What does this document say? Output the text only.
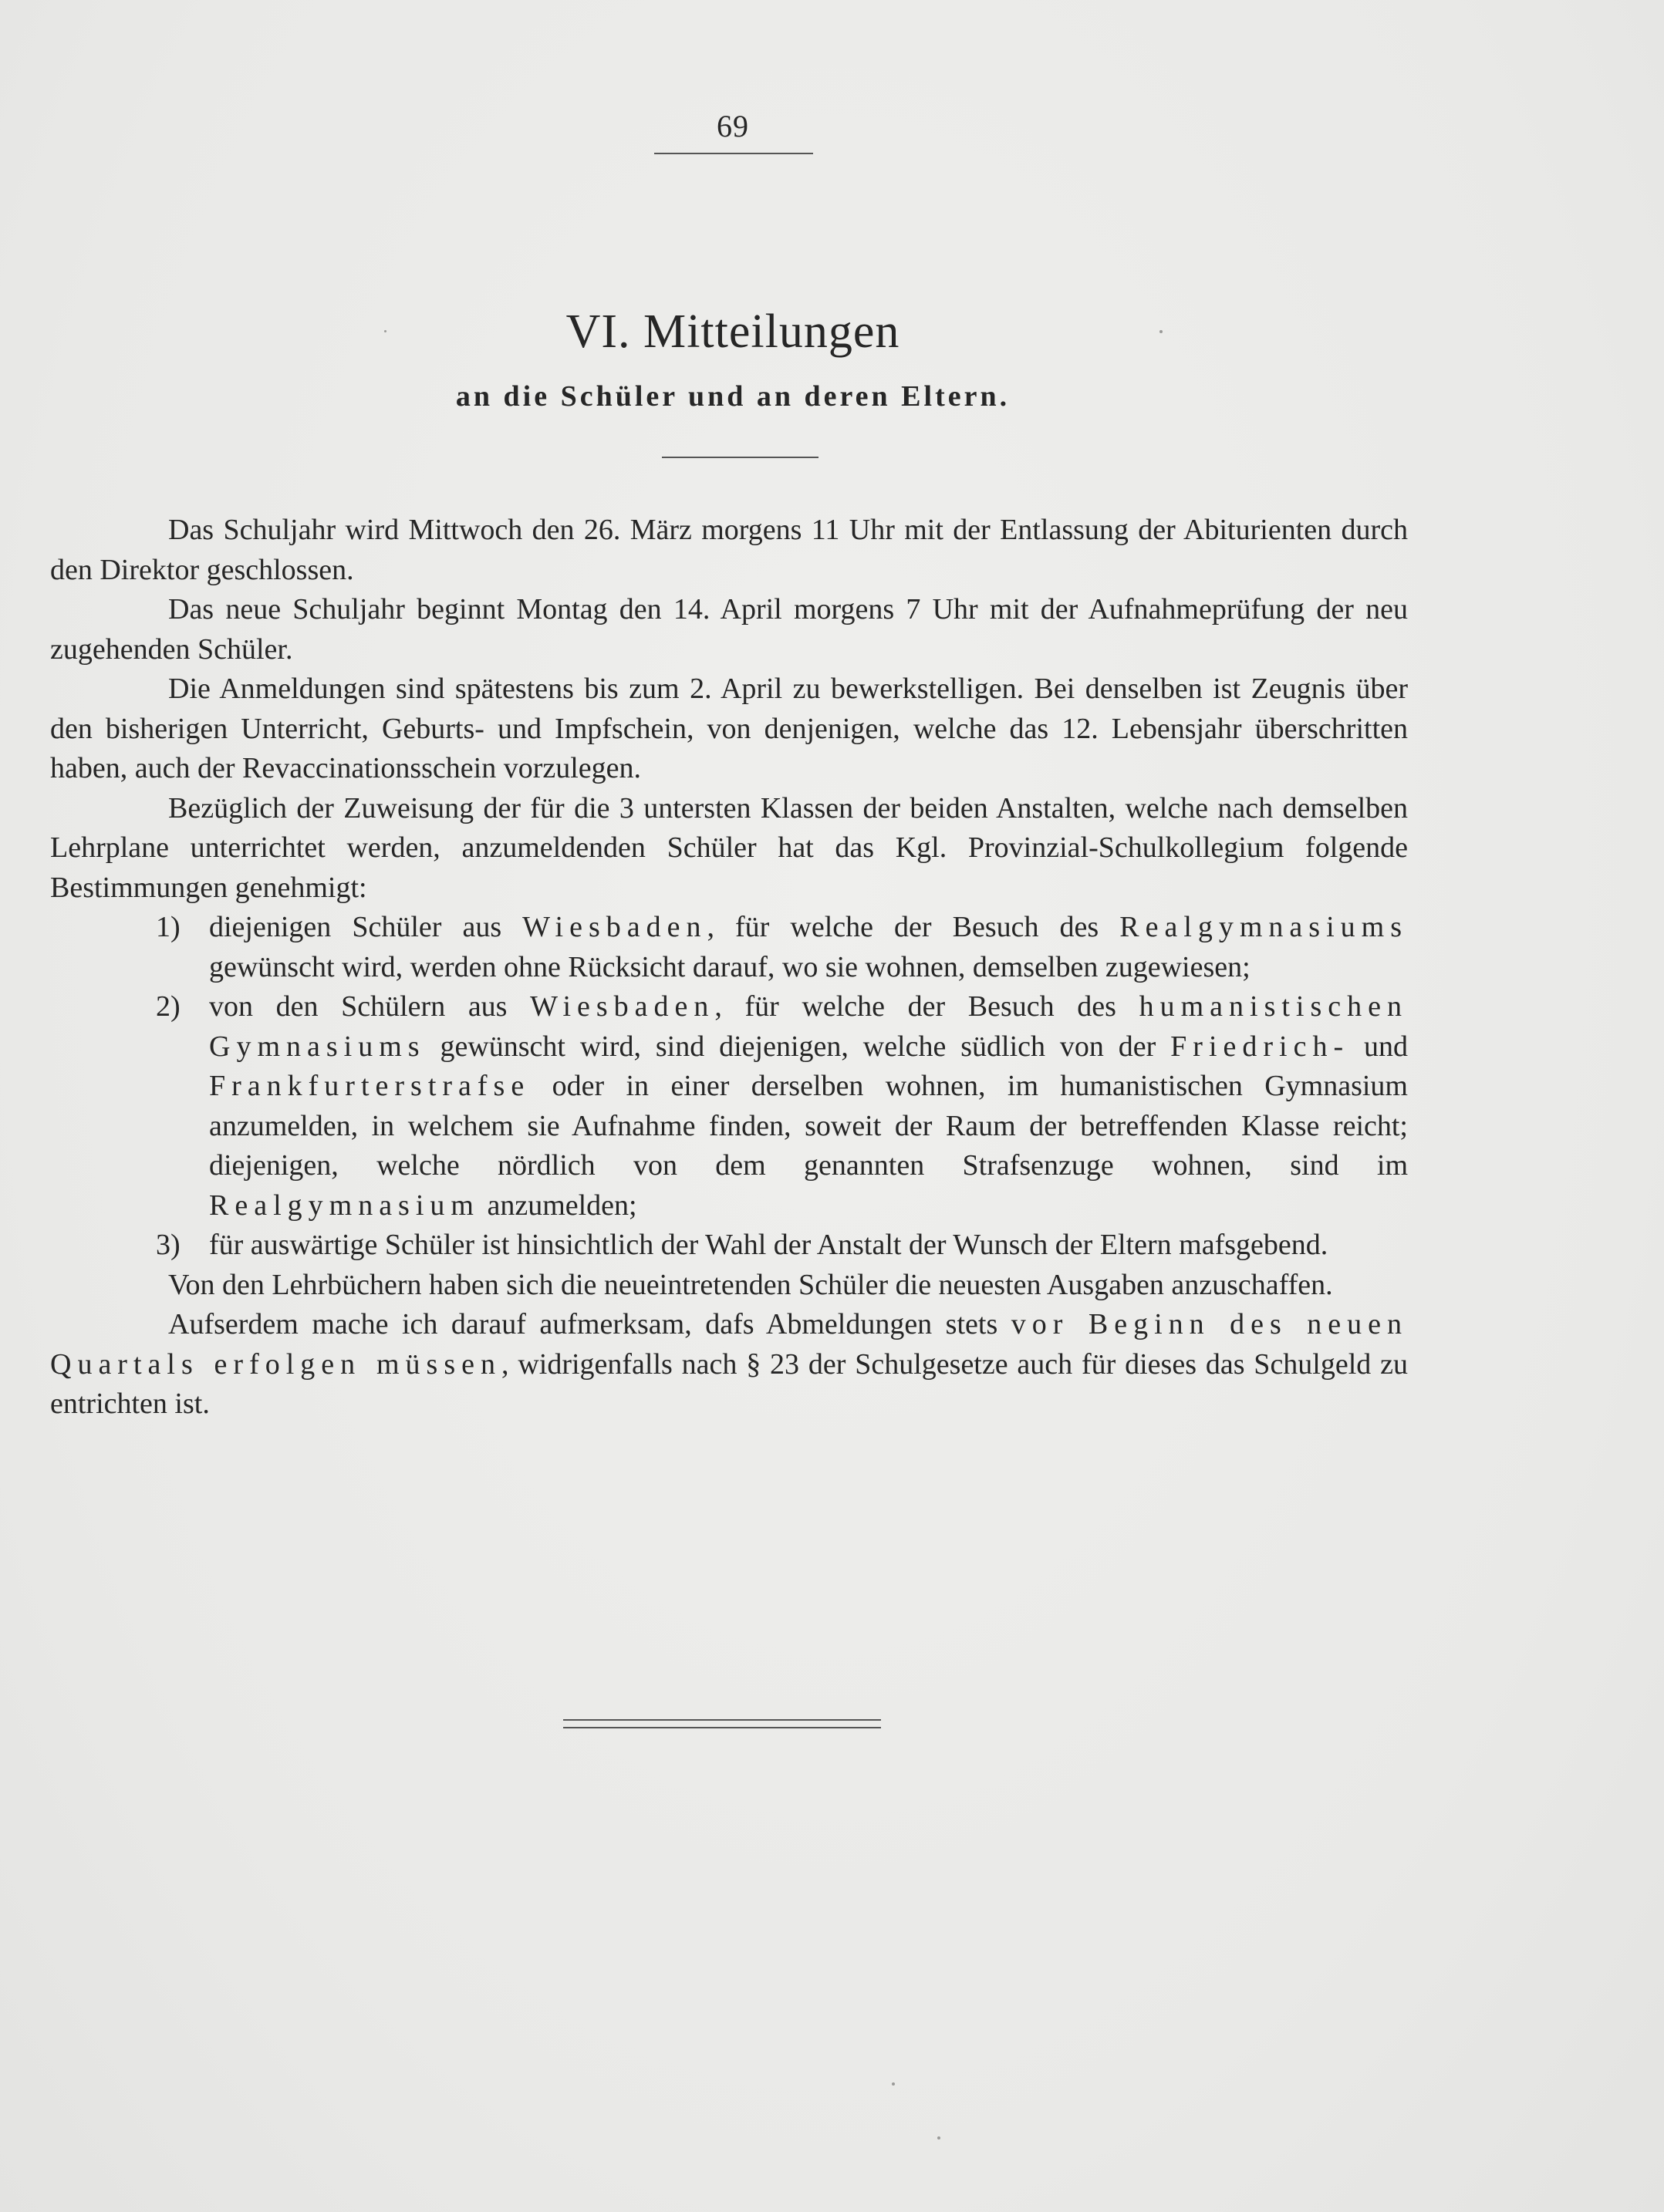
69
VI. Mitteilungen
an die Schüler und an deren Eltern.

Das Schuljahr wird Mittwoch den 26. März morgens 11 Uhr mit der Entlassung der Abiturienten durch den Direktor geschlossen.

Das neue Schuljahr beginnt Montag den 14. April morgens 7 Uhr mit der Aufnahmeprüfung der neu zugehenden Schüler.

Die Anmeldungen sind spätestens bis zum 2. April zu bewerkstelligen. Bei denselben ist Zeugnis über den bisherigen Unterricht, Geburts- und Impfschein, von denjenigen, welche das 12. Lebensjahr überschritten haben, auch der Revaccinationsschein vorzulegen.

Bezüglich der Zuweisung der für die 3 untersten Klassen der beiden Anstalten, welche nach demselben Lehrplane unterrichtet werden, anzumeldenden Schüler hat das Kgl. Provinzial-Schulkollegium folgende Bestimmungen genehmigt:

1) diejenigen Schüler aus Wiesbaden, für welche der Besuch des Realgymnasiums gewünscht wird, werden ohne Rücksicht darauf, wo sie wohnen, demselben zugewiesen;
2) von den Schülern aus Wiesbaden, für welche der Besuch des humanistischen Gymnasiums gewünscht wird, sind diejenigen, welche südlich von der Friedrich- und Frankfurterstrafse oder in einer derselben wohnen, im humanistischen Gymnasium anzumelden, in welchem sie Aufnahme finden, soweit der Raum der betreffenden Klasse reicht; diejenigen, welche nördlich von dem genannten Strafsenzuge wohnen, sind im Realgymnasium anzumelden;
3) für auswärtige Schüler ist hinsichtlich der Wahl der Anstalt der Wunsch der Eltern mafsgebend.

Von den Lehrbüchern haben sich die neueintretenden Schüler die neuesten Ausgaben anzuschaffen.

Aufserdem mache ich darauf aufmerksam, dafs Abmeldungen stets vor Beginn des neuen Quartals erfolgen müssen, widrigenfalls nach § 23 der Schulgesetze auch für dieses das Schulgeld zu entrichten ist.
